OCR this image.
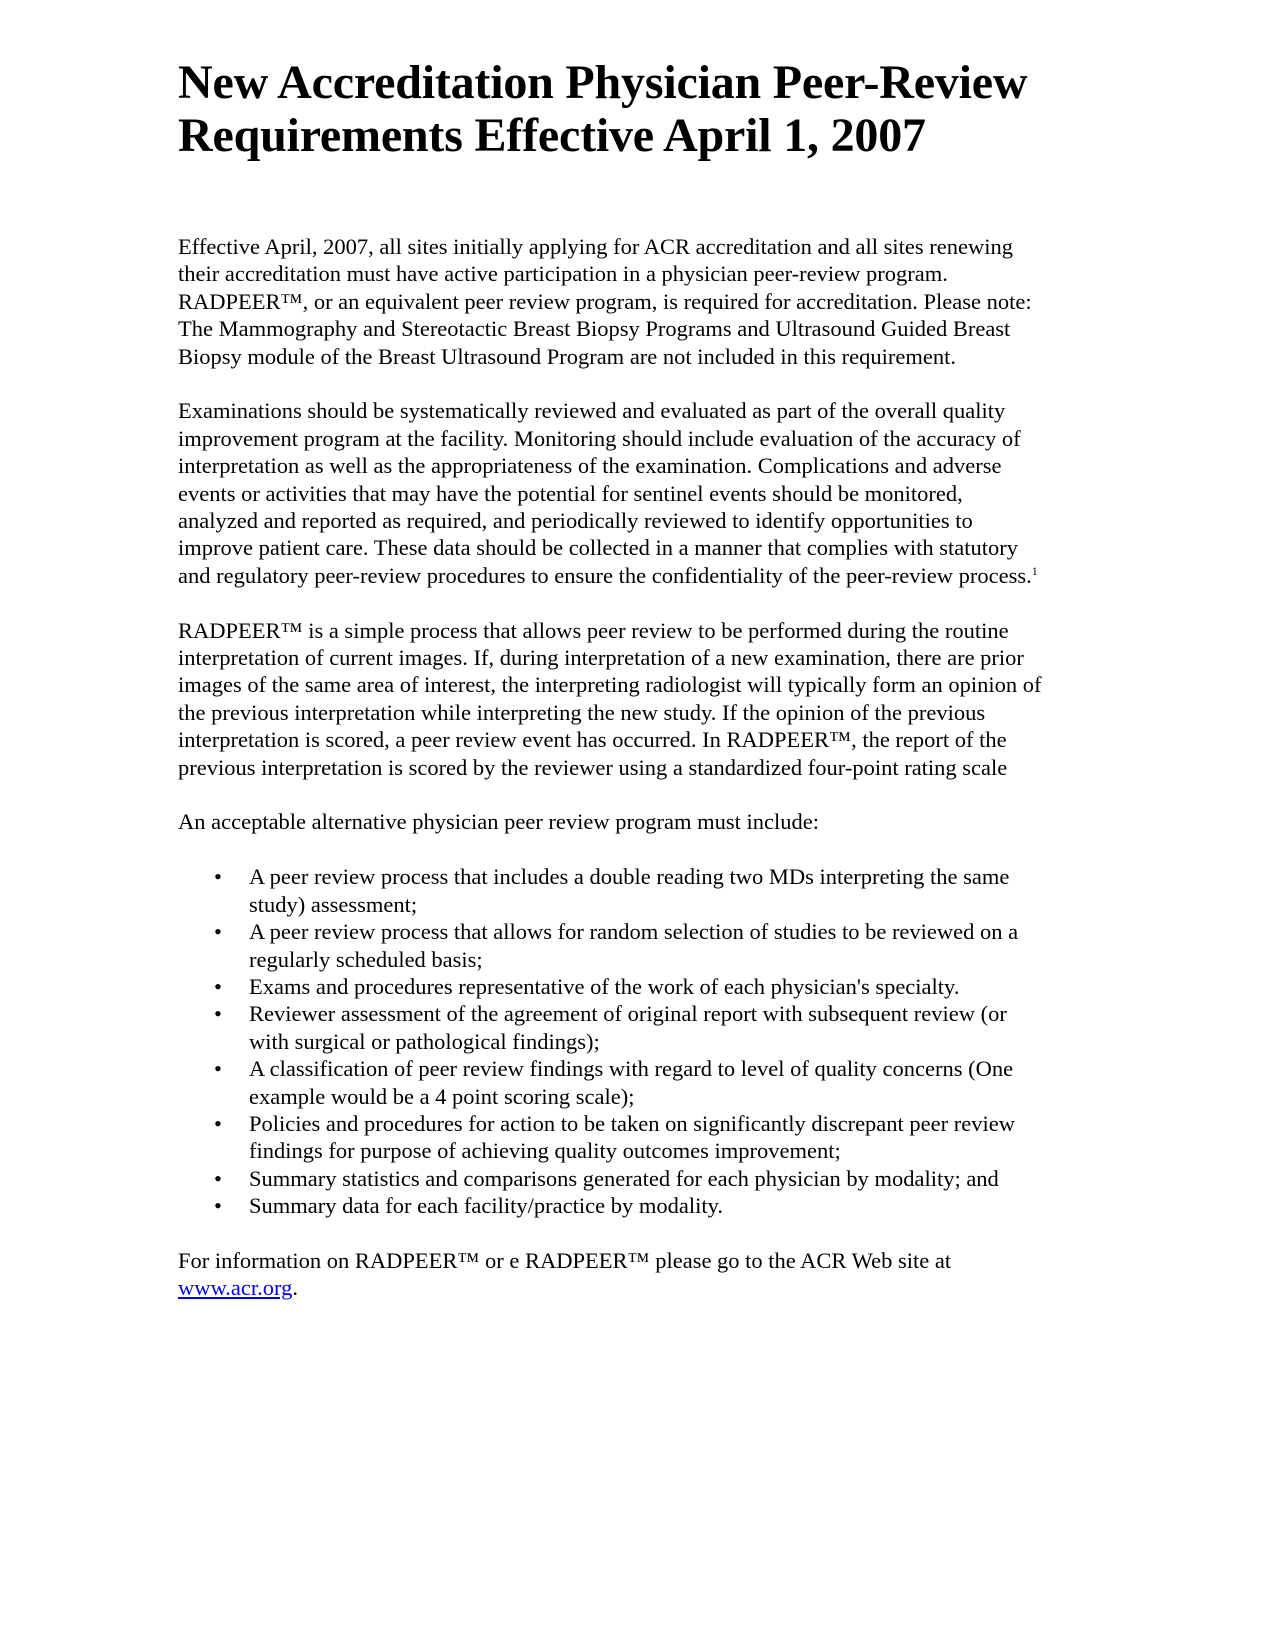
New Accreditation Physician Peer-Review
Requirements Effective April 1, 2007

Effective April, 2007, all sites initially applying for ACR accreditation and all sites renewing their accreditation must have active participation in a physician peer-review program. RADPEER™, or an equivalent peer review program, is required for accreditation. Please note: The Mammography and Stereotactic Breast Biopsy Programs and Ultrasound Guided Breast Biopsy module of the Breast Ultrasound Program are not included in this requirement.

Examinations should be systematically reviewed and evaluated as part of the overall quality improvement program at the facility. Monitoring should include evaluation of the accuracy of interpretation as well as the appropriateness of the examination. Complications and adverse events or activities that may have the potential for sentinel events should be monitored, analyzed and reported as required, and periodically reviewed to identify opportunities to improve patient care. These data should be collected in a manner that complies with statutory and regulatory peer-review procedures to ensure the confidentiality of the peer-review process.$^1$

RADPEER™ is a simple process that allows peer review to be performed during the routine interpretation of current images. If, during interpretation of a new examination, there are prior images of the same area of interest, the interpreting radiologist will typically form an opinion of the previous interpretation while interpreting the new study. If the opinion of the previous interpretation is scored, a peer review event has occurred. In RADPEER™, the report of the previous interpretation is scored by the reviewer using a standardized four-point rating scale

An acceptable alternative physician peer review program must include:

• A peer review process that includes a double reading two MDs interpreting the same study) assessment;
• A peer review process that allows for random selection of studies to be reviewed on a regularly scheduled basis;
• Exams and procedures representative of the work of each physician's specialty.
• Reviewer assessment of the agreement of original report with subsequent review (or with surgical or pathological findings);
• A classification of peer review findings with regard to level of quality concerns (One example would be a 4 point scoring scale);
• Policies and procedures for action to be taken on significantly discrepant peer review findings for purpose of achieving quality outcomes improvement;
• Summary statistics and comparisons generated for each physician by modality; and
• Summary data for each facility/practice by modality.

For information on RADPEER™ or e RADPEER™ please go to the ACR Web site at www.acr.org.
